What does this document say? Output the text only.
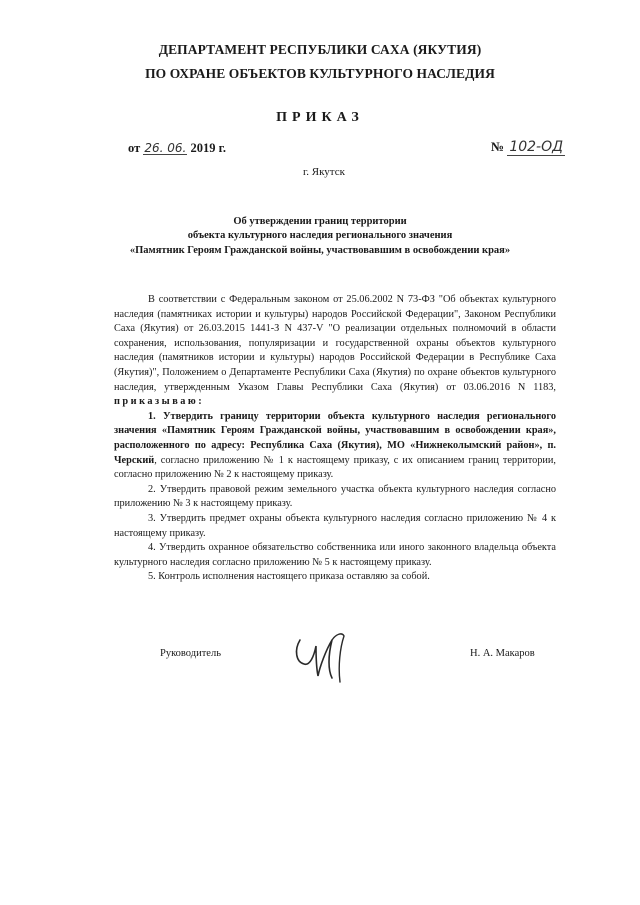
ДЕПАРТАМЕНТ РЕСПУБЛИКИ САХА (ЯКУТИЯ)
ПО ОХРАНЕ ОБЪЕКТОВ КУЛЬТУРНОГО НАСЛЕДИЯ
ПРИКАЗ
от 26. 06. 2019 г.	№ 102-ОД
г. Якутск
Об утверждении границ территории
объекта культурного наследия регионального значения
«Памятник Героям Гражданской войны, участвовавшим в освобождении края»

В соответствии с Федеральным законом от 25.06.2002 N 73-ФЗ "Об объектах культурного наследия (памятниках истории и культуры) народов Российской Федерации", Законом Республики Саха (Якутия) от 26.03.2015 1441-З N 437-V "О реализации отдельных полномочий в области сохранения, использования, популяризации и государственной охраны объектов культурного наследия (памятников истории и культуры) народов Российской Федерации в Республике Саха (Якутия)", Положением о Департаменте Республики Саха (Якутия) по охране объектов культурного наследия, утвержденным Указом Главы Республики Саха (Якутия) от 03.06.2016 N 1183, приказываю:

1. Утвердить границу территории объекта культурного наследия регионального значения «Памятник Героям Гражданской войны, участвовавшим в освобождении края», расположенного по адресу: Республика Саха (Якутия), МО «Нижнеколымский район», п. Черский, согласно приложению № 1 к настоящему приказу, с их описанием границ территории, согласно приложению № 2 к настоящему приказу.

2. Утвердить правовой режим земельного участка объекта культурного наследия согласно приложению № 3 к настоящему приказу.

3. Утвердить предмет охраны объекта культурного наследия согласно приложению № 4 к настоящему приказу.

4. Утвердить охранное обязательство собственника или иного законного владельца объекта культурного наследия согласно приложению № 5 к настоящему приказу.

5. Контроль исполнения настоящего приказа оставляю за собой.

Руководитель	Н. А. Макаров
